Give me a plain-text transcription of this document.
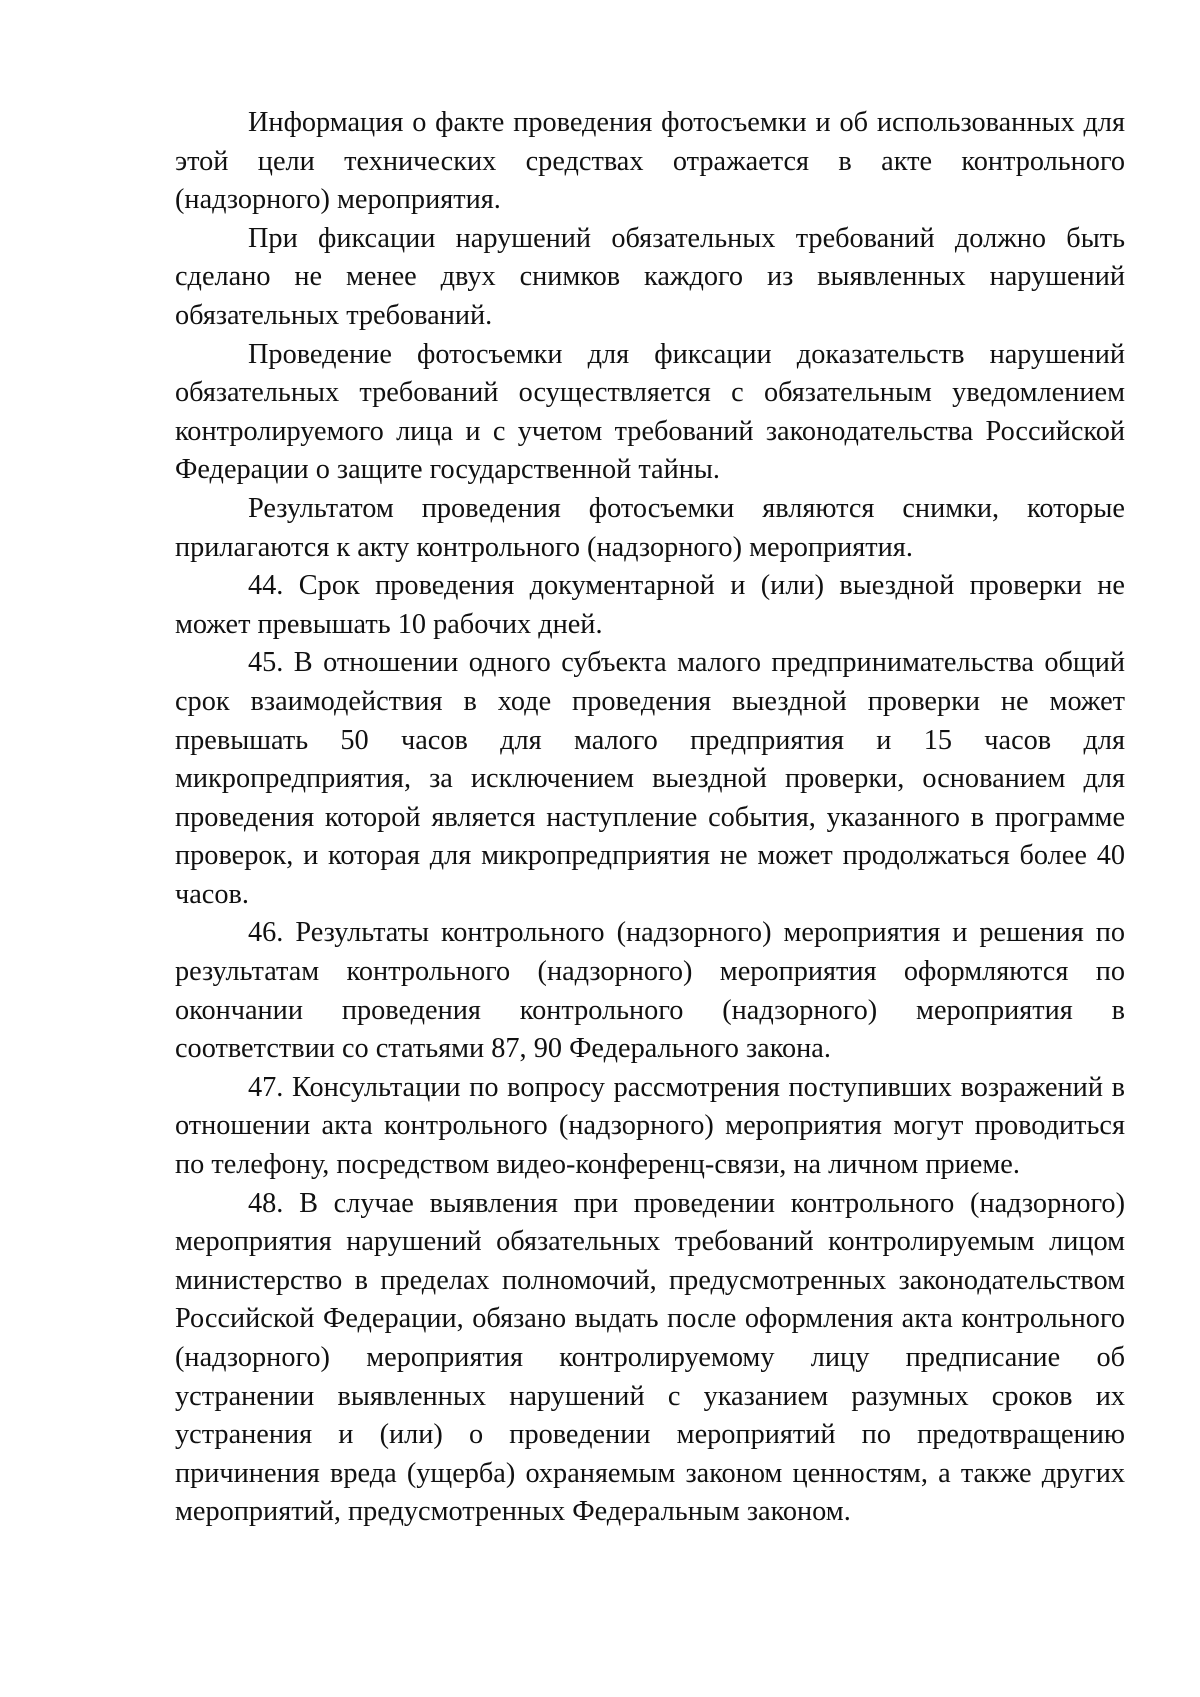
Информация о факте проведения фотосъемки и об использованных для этой цели технических средствах отражается в акте контрольного (надзорного) мероприятия.

При фиксации нарушений обязательных требований должно быть сделано не менее двух снимков каждого из выявленных нарушений обязательных требований.

Проведение фотосъемки для фиксации доказательств нарушений обязательных требований осуществляется с обязательным уведомлением контролируемого лица и с учетом требований законодательства Российской Федерации о защите государственной тайны.

Результатом проведения фотосъемки являются снимки, которые прилагаются к акту контрольного (надзорного) мероприятия.

44. Срок проведения документарной и (или) выездной проверки не может превышать 10 рабочих дней.

45. В отношении одного субъекта малого предпринимательства общий срок взаимодействия в ходе проведения выездной проверки не может превышать 50 часов для малого предприятия и 15 часов для микропредприятия, за исключением выездной проверки, основанием для проведения которой является наступление события, указанного в программе проверок, и которая для микропредприятия не может продолжаться более 40 часов.

46. Результаты контрольного (надзорного) мероприятия и решения по результатам контрольного (надзорного) мероприятия оформляются по окончании проведения контрольного (надзорного) мероприятия в соответствии со статьями 87, 90 Федерального закона.

47. Консультации по вопросу рассмотрения поступивших возражений в отношении акта контрольного (надзорного) мероприятия могут проводиться по телефону, посредством видео-конференц-связи, на личном приеме.

48. В случае выявления при проведении контрольного (надзорного) мероприятия нарушений обязательных требований контролируемым лицом министерство в пределах полномочий, предусмотренных законодательством Российской Федерации, обязано выдать после оформления акта контрольного (надзорного) мероприятия контролируемому лицу предписание об устранении выявленных нарушений с указанием разумных сроков их устранения и (или) о проведении мероприятий по предотвращению причинения вреда (ущерба) охраняемым законом ценностям, а также других мероприятий, предусмотренных Федеральным законом.
